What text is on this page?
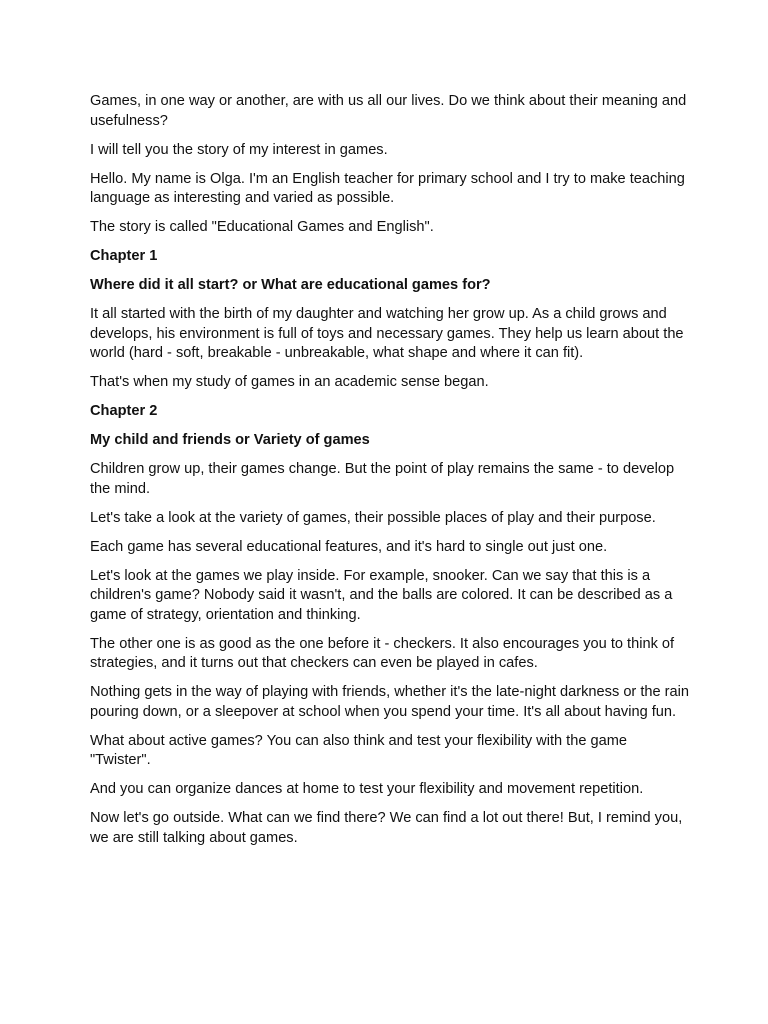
Games, in one way or another, are with us all our lives. Do we think about their meaning and usefulness?

I will tell you the story of my interest in games.

Hello. My name is Olga. I'm an English teacher for primary school and I try to make teaching language as interesting and varied as possible.

The story is called "Educational Games and English".

Chapter 1

Where did it all start? or What are educational games for?

It all started with the birth of my daughter and watching her grow up. As a child grows and develops, his environment is full of toys and necessary games. They help us learn about the world (hard - soft, breakable - unbreakable, what shape and where it can fit).

That's when my study of games in an academic sense began.

Chapter 2

My child and friends or Variety of games

Children grow up, their games change. But the point of play remains the same - to develop the mind.

Let's take a look at the variety of games, their possible places of play and their purpose.

Each game has several educational features, and it's hard to single out just one.

Let's look at the games we play inside. For example, snooker. Can we say that this is a children's game? Nobody said it wasn't, and the balls are colored. It can be described as a game of strategy, orientation and thinking.

The other one is as good as the one before it - checkers. It also encourages you to think of strategies, and it turns out that checkers can even be played in cafes.

Nothing gets in the way of playing with friends, whether it's the late-night darkness or the rain pouring down, or a sleepover at school when you spend your time. It's all about having fun.

What about active games? You can also think and test your flexibility with the game "Twister".

And you can organize dances at home to test your flexibility and movement repetition.

Now let's go outside. What can we find there? We can find a lot out there! But, I remind you, we are still talking about games.
